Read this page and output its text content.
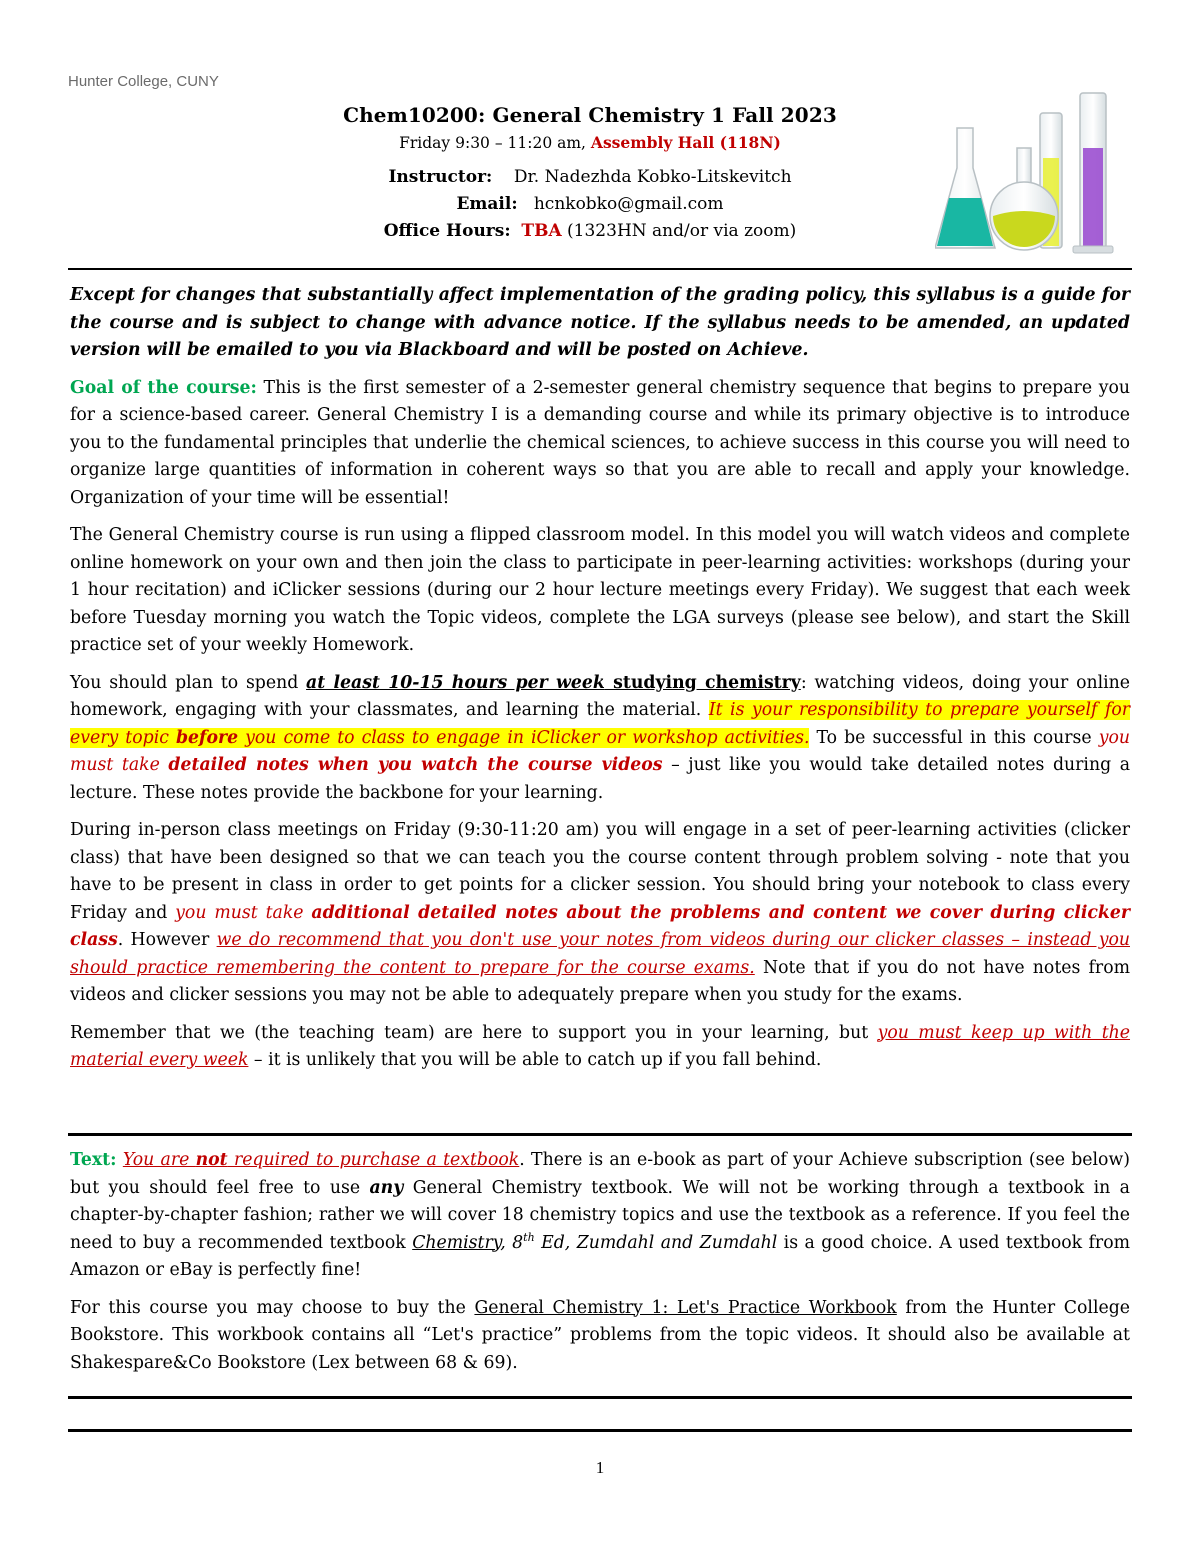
Hunter College, CUNY
Chem10200: General Chemistry 1 Fall 2023
Friday 9:30 – 11:20 am, Assembly Hall (118N)
Instructor: Dr. Nadezhda Kobko-Litskevitch
Email: hcnkobko@gmail.com
Office Hours: TBA (1323HN and/or via zoom)

Except for changes that substantially affect implementation of the grading policy, this syllabus is a guide for the course and is subject to change with advance notice. If the syllabus needs to be amended, an updated version will be emailed to you via Blackboard and will be posted on Achieve.

Goal of the course: This is the first semester of a 2-semester general chemistry sequence that begins to prepare you for a science-based career. General Chemistry I is a demanding course and while its primary objective is to introduce you to the fundamental principles that underlie the chemical sciences, to achieve success in this course you will need to organize large quantities of information in coherent ways so that you are able to recall and apply your knowledge. Organization of your time will be essential!

The General Chemistry course is run using a flipped classroom model. In this model you will watch videos and complete online homework on your own and then join the class to participate in peer-learning activities: workshops (during your 1 hour recitation) and iClicker sessions (during our 2 hour lecture meetings every Friday). We suggest that each week before Tuesday morning you watch the Topic videos, complete the LGA surveys (please see below), and start the Skill practice set of your weekly Homework.

You should plan to spend at least 10-15 hours per week studying chemistry: watching videos, doing your online homework, engaging with your classmates, and learning the material. It is your responsibility to prepare yourself for every topic before you come to class to engage in iClicker or workshop activities. To be successful in this course you must take detailed notes when you watch the course videos – just like you would take detailed notes during a lecture. These notes provide the backbone for your learning.

During in-person class meetings on Friday (9:30-11:20 am) you will engage in a set of peer-learning activities (clicker class) that have been designed so that we can teach you the course content through problem solving - note that you have to be present in class in order to get points for a clicker session. You should bring your notebook to class every Friday and you must take additional detailed notes about the problems and content we cover during clicker class. However we do recommend that you don't use your notes from videos during our clicker classes – instead you should practice remembering the content to prepare for the course exams. Note that if you do not have notes from videos and clicker sessions you may not be able to adequately prepare when you study for the exams.

Remember that we (the teaching team) are here to support you in your learning, but you must keep up with the material every week – it is unlikely that you will be able to catch up if you fall behind.

Text: You are not required to purchase a textbook. There is an e-book as part of your Achieve subscription (see below) but you should feel free to use any General Chemistry textbook. We will not be working through a textbook in a chapter-by-chapter fashion; rather we will cover 18 chemistry topics and use the textbook as a reference. If you feel the need to buy a recommended textbook Chemistry, 8th Ed, Zumdahl and Zumdahl is a good choice. A used textbook from Amazon or eBay is perfectly fine!

For this course you may choose to buy the General Chemistry 1: Let's Practice Workbook from the Hunter College Bookstore. This workbook contains all “Let's practice” problems from the topic videos. It should also be available at Shakespare&Co Bookstore (Lex between 68 & 69).

1
